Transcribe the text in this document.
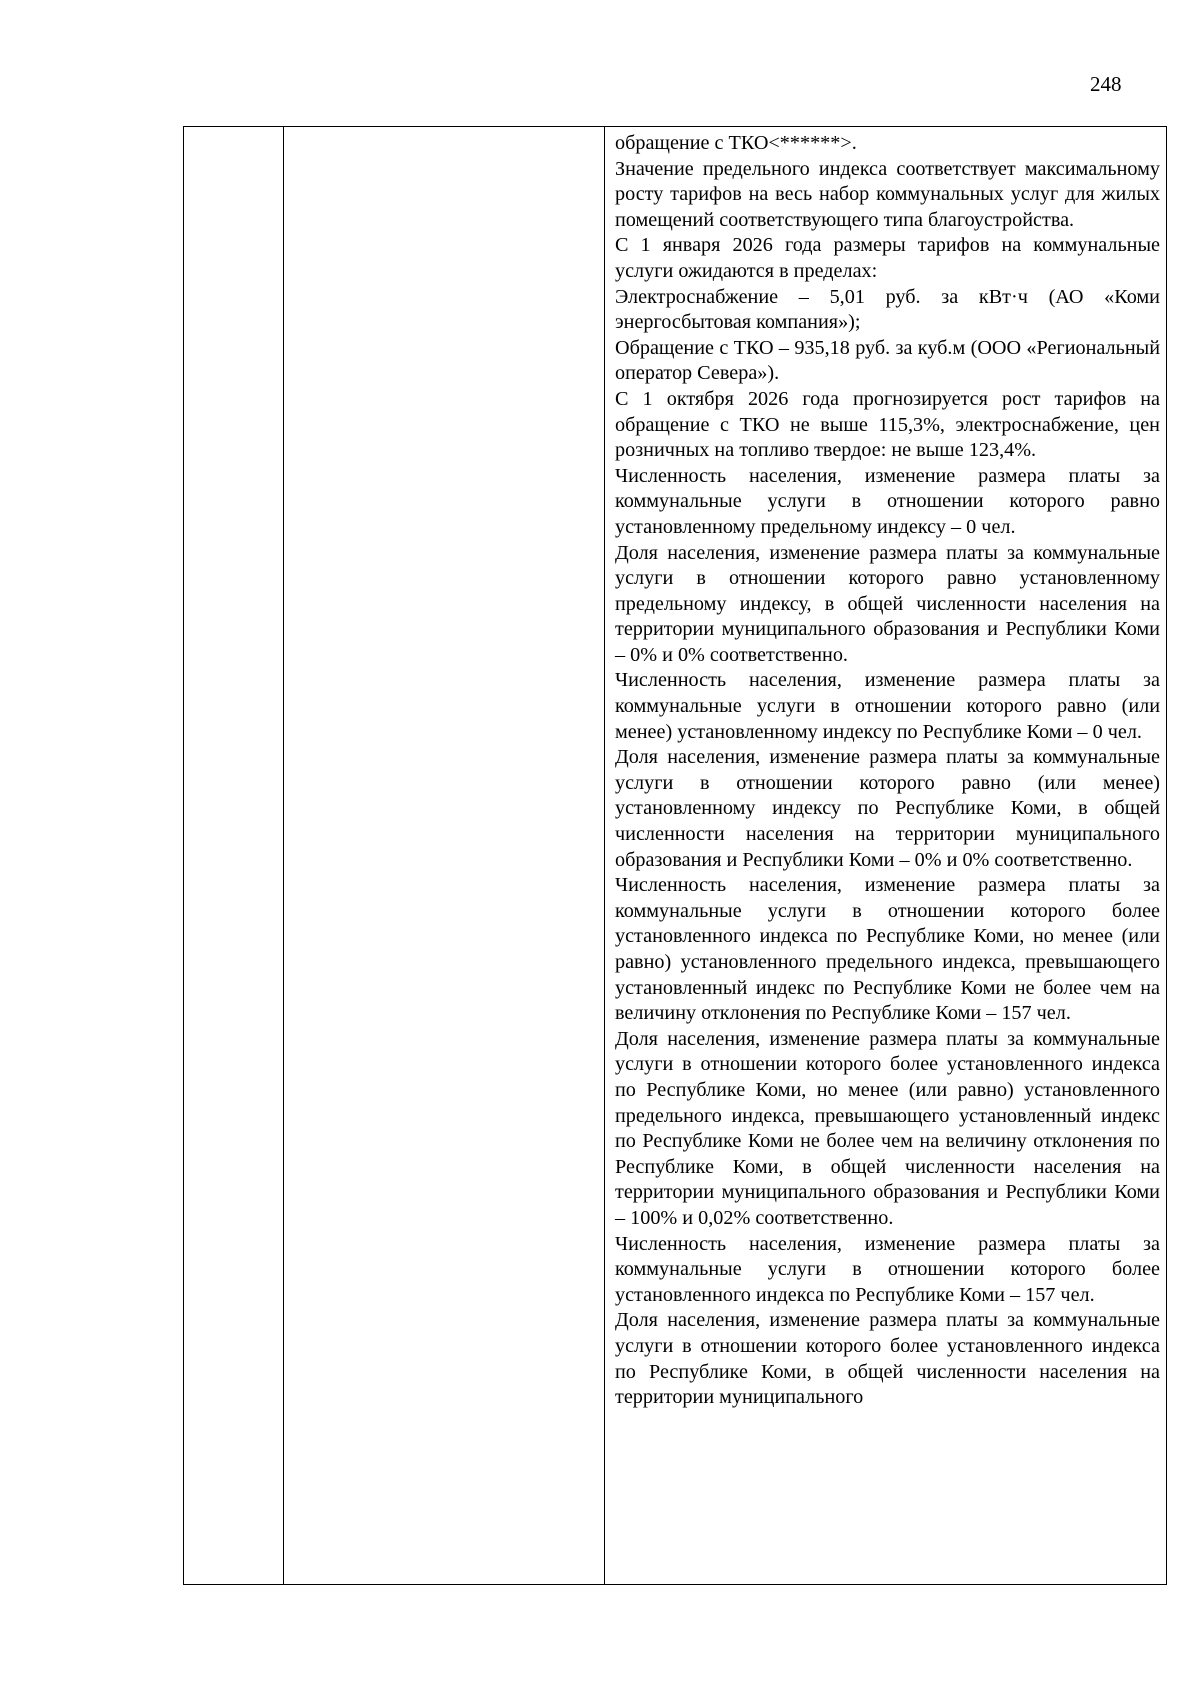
248

обращение с ТКО<******>.

Значение предельного индекса соответствует максимальному росту тарифов на весь набор коммунальных услуг для жилых помещений соответствующего типа благоустройства.

С 1 января 2026 года размеры тарифов на коммунальные услуги ожидаются в пределах:

Электроснабжение – 5,01 руб. за кВт·ч (АО «Коми энергосбытовая компания»);

Обращение с ТКО – 935,18 руб. за куб.м (ООО «Региональный оператор Севера»).

С 1 октября 2026 года прогнозируется рост тарифов на обращение с ТКО не выше 115,3%, электроснабжение, цен розничных на топливо твердое: не выше 123,4%.

Численность населения, изменение размера платы за коммунальные услуги в отношении которого равно установленному предельному индексу – 0 чел.

Доля населения, изменение размера платы за коммунальные услуги в отношении которого равно установленному предельному индексу, в общей численности населения на территории муниципального образования и Республики Коми – 0% и 0% соответственно.

Численность населения, изменение размера платы за коммунальные услуги в отношении которого равно (или менее) установленному индексу по Республике Коми – 0 чел.

Доля населения, изменение размера платы за коммунальные услуги в отношении которого равно (или менее) установленному индексу по Республике Коми, в общей численности населения на территории муниципального образования и Республики Коми – 0% и 0% соответственно.

Численность населения, изменение размера платы за коммунальные услуги в отношении которого более установленного индекса по Республике Коми, но менее (или равно) установленного предельного индекса, превышающего установленный индекс по Республике Коми не более чем на величину отклонения по Республике Коми – 157 чел.

Доля населения, изменение размера платы за коммунальные услуги в отношении которого более установленного индекса по Республике Коми, но менее (или равно) установленного предельного индекса, превышающего установленный индекс по Республике Коми не более чем на величину отклонения по Республике Коми, в общей численности населения на территории муниципального образования и Республики Коми – 100% и 0,02% соответственно.

Численность населения, изменение размера платы за коммунальные услуги в отношении которого более установленного индекса по Республике Коми – 157 чел.

Доля населения, изменение размера платы за коммунальные услуги в отношении которого более установленного индекса по Республике Коми, в общей численности населения на территории муниципального
